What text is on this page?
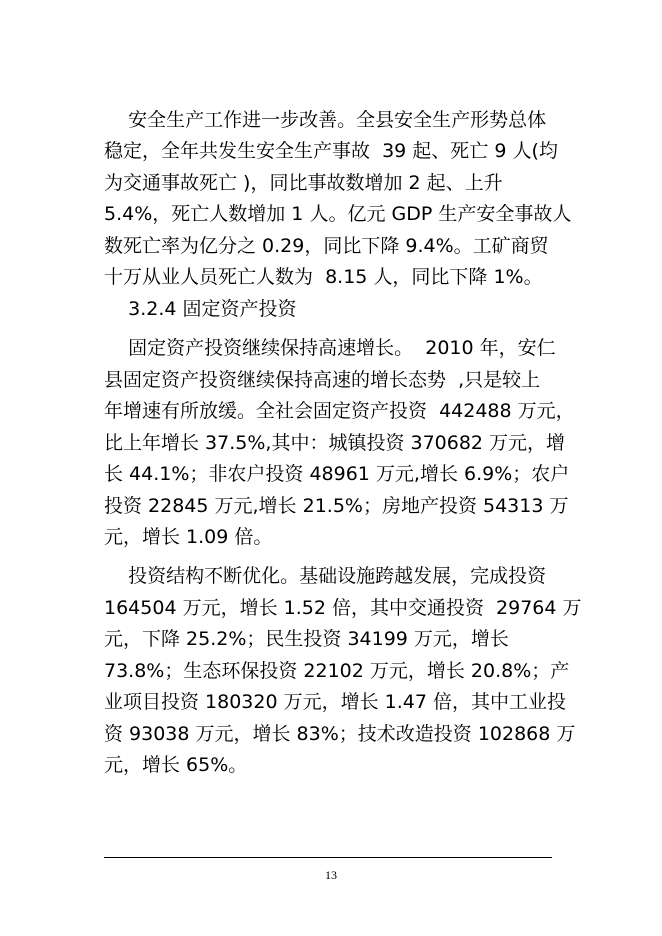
安全生产工作进一步改善。全县安全生产形势总体
稳定，全年共发生安全生产事故  39 起、死亡 9 人(均
为交通事故死亡 )，同比事故数增加 2 起、上升
5.4%，死亡人数增加 1 人。亿元 GDP 生产安全事故人
数死亡率为亿分之 0.29，同比下降 9.4%。工矿商贸
十万从业人员死亡人数为  8.15 人，同比下降 1%。
3.2.4 固定资产投资
固定资产投资继续保持高速增长。  2010 年，安仁
县固定资产投资继续保持高速的增长态势  ,只是较上
年增速有所放缓。全社会固定资产投资  442488 万元，
比上年增长 37.5%,其中：城镇投资 370682 万元，增
长 44.1%；非农户投资 48961 万元,增长 6.9%；农户
投资 22845 万元,增长 21.5%；房地产投资 54313 万
元，增长 1.09 倍。
投资结构不断优化。基础设施跨越发展，完成投资
164504 万元，增长 1.52 倍，其中交通投资  29764 万
元，下降 25.2%；民生投资 34199 万元，增长
73.8%；生态环保投资 22102 万元，增长 20.8%；产
业项目投资 180320 万元，增长 1.47 倍，其中工业投
资 93038 万元，增长 83%；技术改造投资 102868 万
元，增长 65%。
13
